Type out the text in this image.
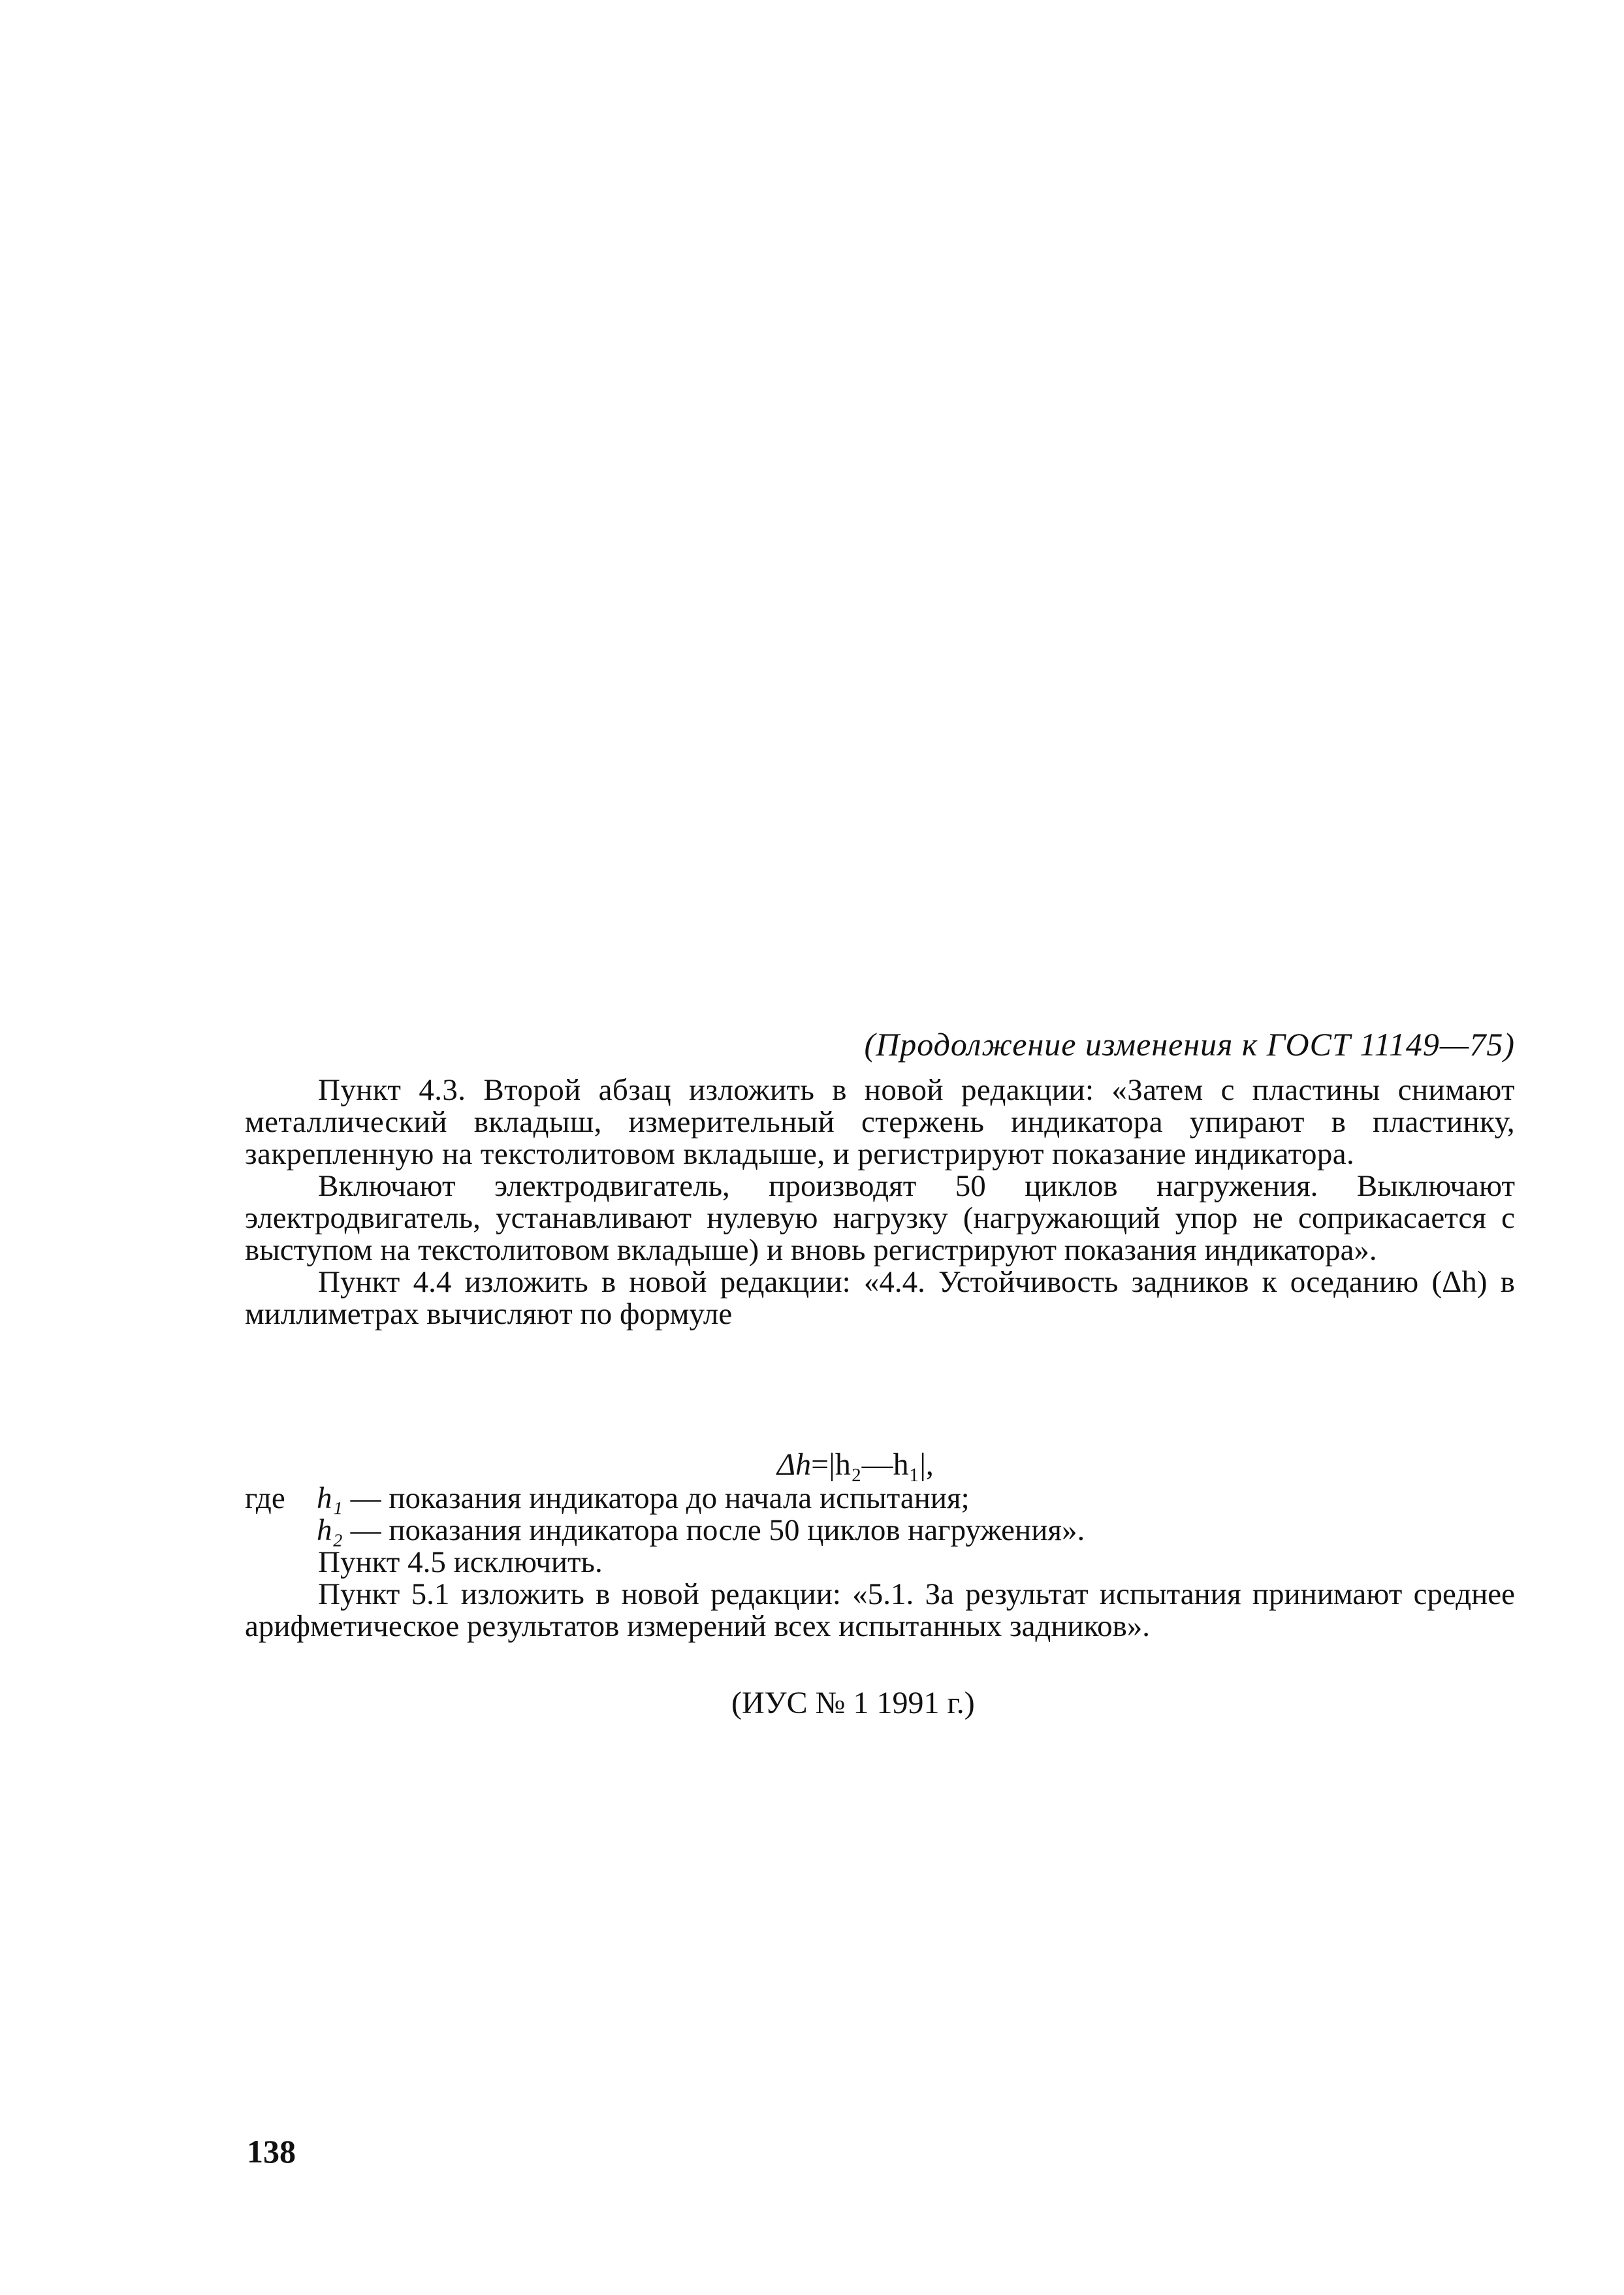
(Продолжение изменения к ГОСТ 11149—75)

Пункт 4.3. Второй абзац изложить в новой редакции: «Затем с пластины снимают металлический вкладыш, измерительный стержень индикатора упирают в пластинку, закрепленную на текстолитовом вкладыше, и регистрируют показание индикатора.

Включают электродвигатель, производят 50 циклов нагружения. Выключают электродвигатель, устанавливают нулевую нагрузку (нагружающий упор не соприкасается с выступом на текстолитовом вкладыше) и вновь регистрируют показания индикатора».

Пункт 4.4 изложить в новой редакции: «4.4. Устойчивость задников к оседанию (Δh) в миллиметрах вычисляют по формуле

Δh=|h₂—h₁|,
где h₁ — показания индикатора до начала испытания;
h₂ — показания индикатора после 50 циклов нагружения».

Пункт 4.5 исключить.

Пункт 5.1 изложить в новой редакции: «5.1. За результат испытания принимают среднее арифметическое результатов измерений всех испытанных задников».

(ИУС № 1 1991 г.)
138
